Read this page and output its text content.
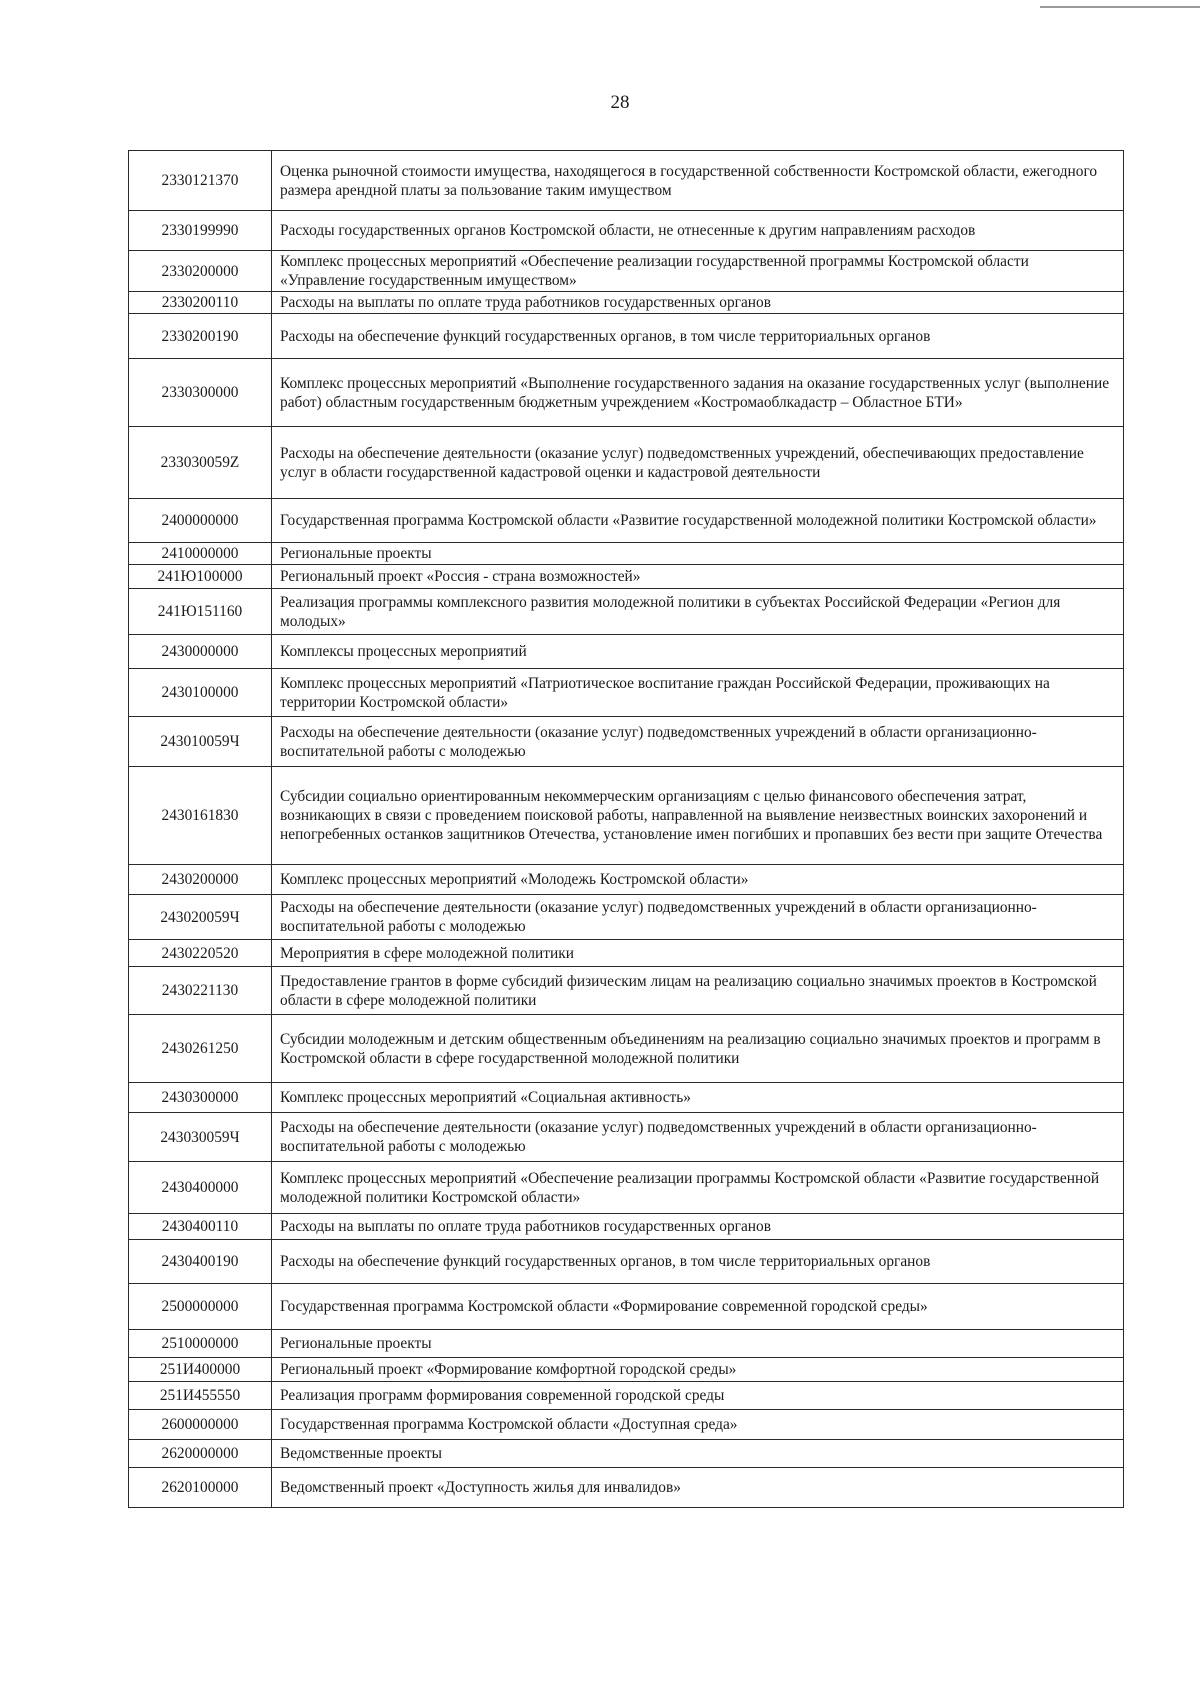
28
2330121370	Оценка рыночной стоимости имущества, находящегося в государственной собственности Костромской области, ежегодного размера арендной платы за пользование таким имуществом
2330199990	Расходы государственных органов Костромской области, не отнесенные к другим направлениям расходов
2330200000	Комплекс процессных мероприятий «Обеспечение реализации государственной программы Костромской области «Управление государственным имуществом»
2330200110	Расходы на выплаты по оплате труда работников государственных органов
2330200190	Расходы на обеспечение функций государственных органов, в том числе территориальных органов
2330300000	Комплекс процессных мероприятий «Выполнение государственного задания на оказание государственных услуг (выполнение работ) областным государственным бюджетным учреждением «Костромаоблкадастр – Областное БТИ»
233030059Z	Расходы на обеспечение деятельности (оказание услуг) подведомственных учреждений, обеспечивающих предоставление услуг в области государственной кадастровой оценки и кадастровой деятельности
2400000000	Государственная программа Костромской области «Развитие государственной молодежной политики Костромской области»
2410000000	Региональные проекты
241Ю100000	Региональный проект «Россия - страна возможностей»
241Ю151160	Реализация программы комплексного развития молодежной политики в субъектах Российской Федерации «Регион для молодых»
2430000000	Комплексы процессных мероприятий
2430100000	Комплекс процессных мероприятий «Патриотическое воспитание граждан Российской Федерации, проживающих на территории Костромской области»
243010059Ч	Расходы на обеспечение деятельности (оказание услуг) подведомственных учреждений в области организационно-воспитательной работы с молодежью
2430161830	Субсидии социально ориентированным некоммерческим организациям с целью финансового обеспечения затрат, возникающих в связи с проведением поисковой работы, направленной на выявление неизвестных воинских захоронений и непогребенных останков защитников Отечества, установление имен погибших и пропавших без вести при защите Отечества
2430200000	Комплекс процессных мероприятий «Молодежь Костромской области»
243020059Ч	Расходы на обеспечение деятельности (оказание услуг) подведомственных учреждений в области организационно-воспитательной работы с молодежью
2430220520	Мероприятия в сфере молодежной политики
2430221130	Предоставление грантов в форме субсидий физическим лицам на реализацию социально значимых проектов в Костромской области в сфере молодежной политики
2430261250	Субсидии молодежным и детским общественным объединениям на реализацию социально значимых проектов и программ в Костромской области в сфере государственной молодежной политики
2430300000	Комплекс процессных мероприятий «Социальная активность»
243030059Ч	Расходы на обеспечение деятельности (оказание услуг) подведомственных учреждений в области организационно-воспитательной работы с молодежью
2430400000	Комплекс процессных мероприятий «Обеспечение реализации программы Костромской области «Развитие государственной молодежной политики Костромской области»
2430400110	Расходы на выплаты по оплате труда работников государственных органов
2430400190	Расходы на обеспечение функций государственных органов, в том числе территориальных органов
2500000000	Государственная программа Костромской области «Формирование современной городской среды»
2510000000	Региональные проекты
251И400000	Региональный проект «Формирование комфортной городской среды»
251И455550	Реализация программ формирования современной городской среды
2600000000	Государственная программа Костромской области «Доступная среда»
2620000000	Ведомственные проекты
2620100000	Ведомственный проект «Доступность жилья для инвалидов»
